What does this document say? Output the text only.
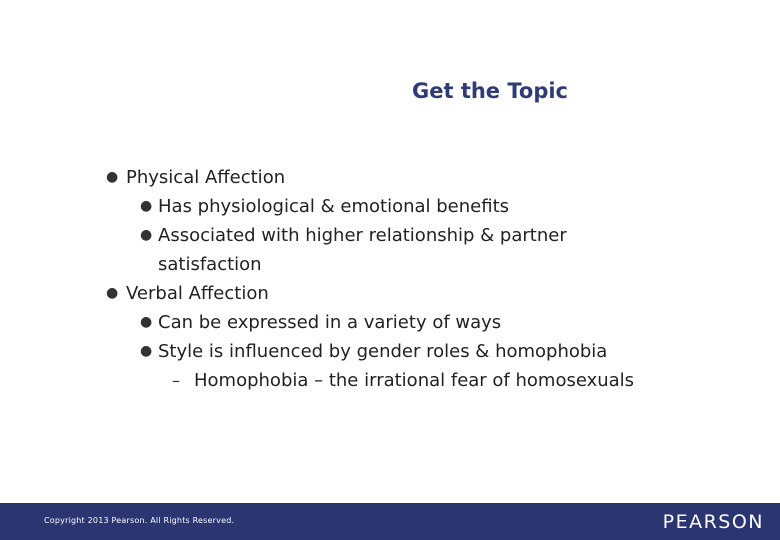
Get the Topic
● Physical Affection
● Has physiological & emotional benefits
● Associated with higher relationship & partner
satisfaction
● Verbal Affection
● Can be expressed in a variety of ways
● Style is influenced by gender roles & homophobia
– Homophobia – the irrational fear of homosexuals
Copyright 2013 Pearson. All Rights Reserved.	PEARSON
